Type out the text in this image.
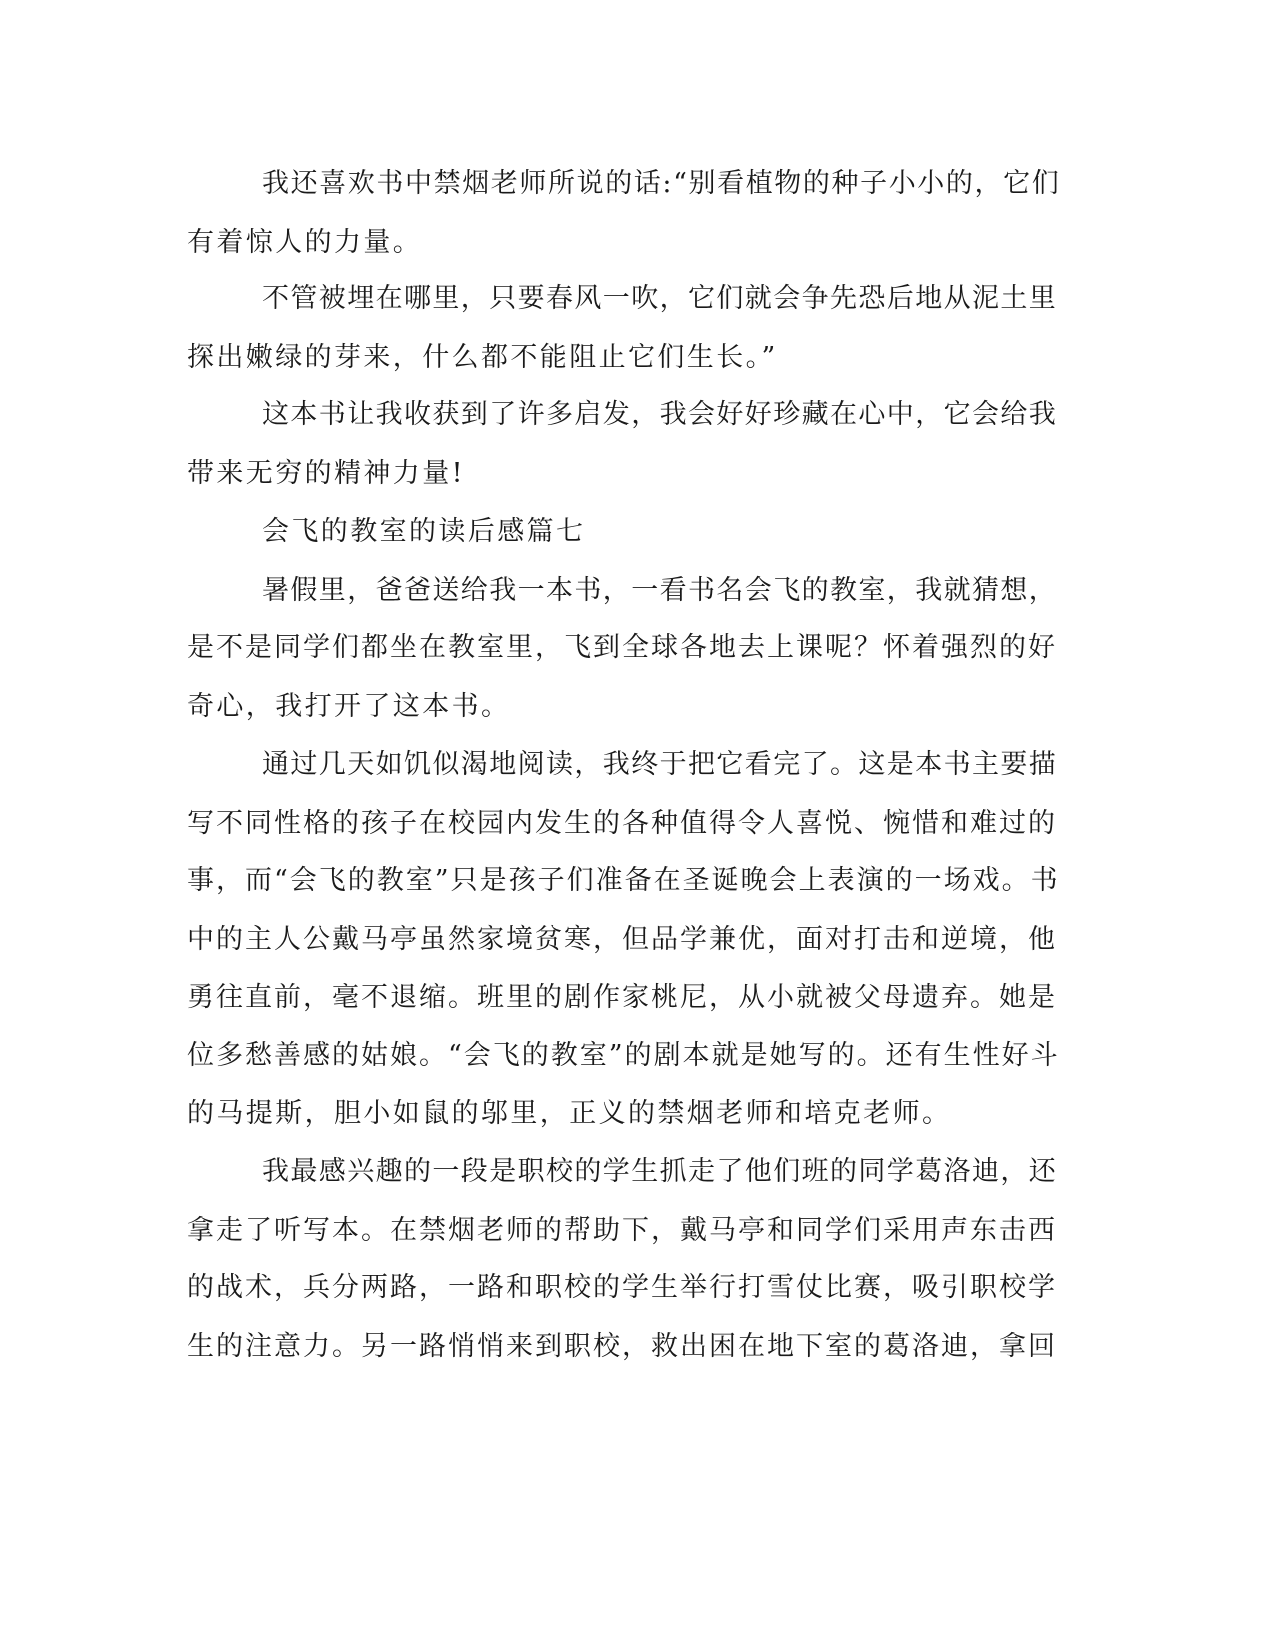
我还喜欢书中禁烟老师所说的话:“别看植物的种子小小的，它们
有着惊人的力量。
不管被埋在哪里，只要春风一吹，它们就会争先恐后地从泥土里
探出嫩绿的芽来，什么都不能阻止它们生长。”
这本书让我收获到了许多启发，我会好好珍藏在心中，它会给我
带来无穷的精神力量!
会飞的教室的读后感篇七
暑假里，爸爸送给我一本书，一看书名会飞的教室，我就猜想，
是不是同学们都坐在教室里，飞到全球各地去上课呢？怀着强烈的好
奇心，我打开了这本书。
通过几天如饥似渴地阅读，我终于把它看完了。这是本书主要描
写不同性格的孩子在校园内发生的各种值得令人喜悦、惋惜和难过的
事，而“会飞的教室”只是孩子们准备在圣诞晚会上表演的一场戏。书
中的主人公戴马亭虽然家境贫寒，但品学兼优，面对打击和逆境，他
勇往直前，毫不退缩。班里的剧作家桃尼，从小就被父母遗弃。她是
位多愁善感的姑娘。“会飞的教室”的剧本就是她写的。还有生性好斗
的马提斯，胆小如鼠的邬里，正义的禁烟老师和培克老师。
我最感兴趣的一段是职校的学生抓走了他们班的同学葛洛迪，还
拿走了听写本。在禁烟老师的帮助下，戴马亭和同学们采用声东击西
的战术，兵分两路，一路和职校的学生举行打雪仗比赛，吸引职校学
生的注意力。另一路悄悄来到职校，救出困在地下室的葛洛迪，拿回
